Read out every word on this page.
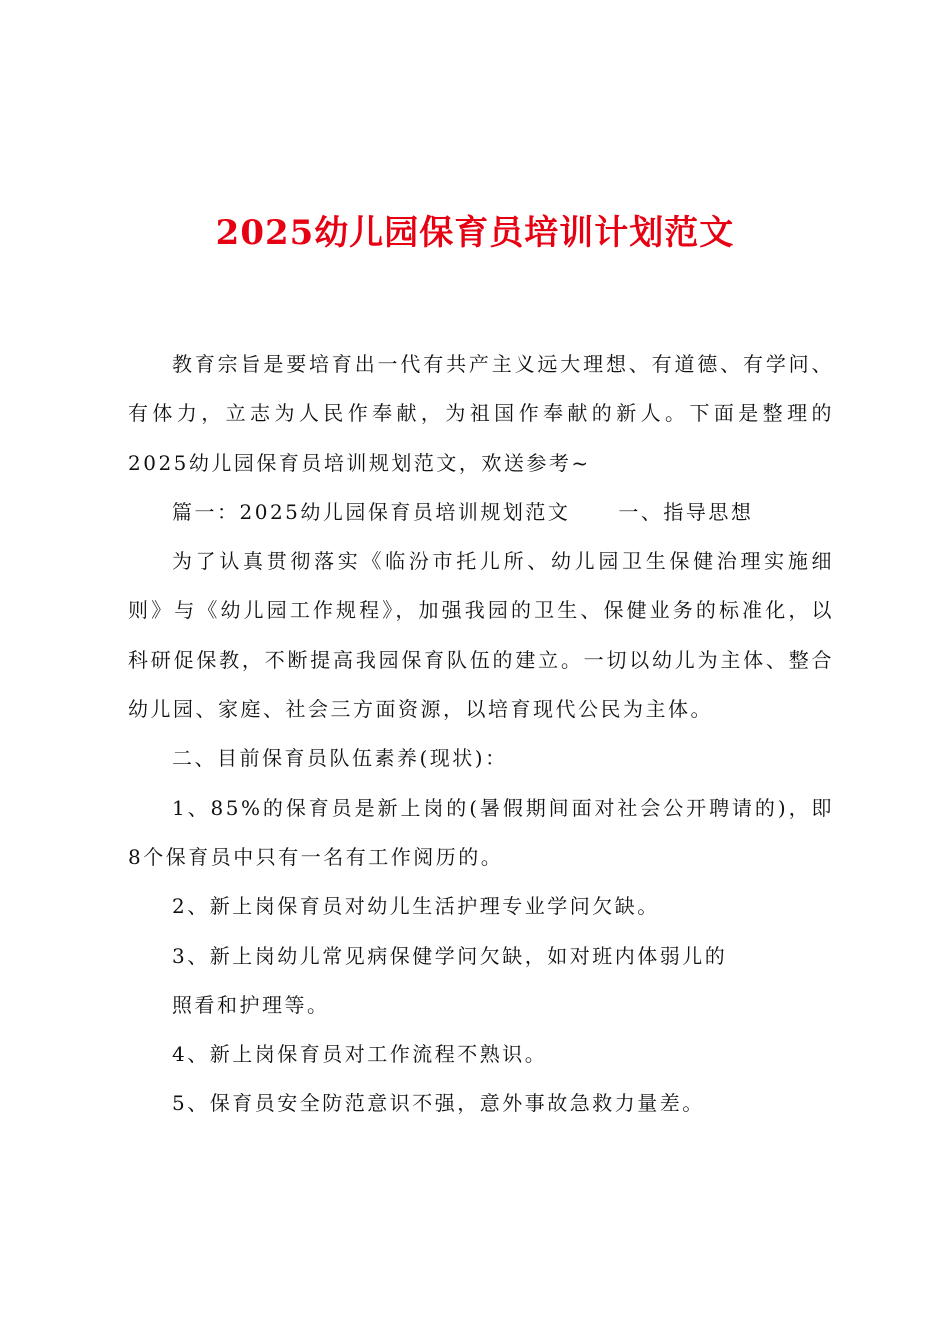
2025幼儿园保育员培训计划范文

教育宗旨是要培育出一代有共产主义远大理想、有道德、有学问、有体力，立志为人民作奉献，为祖国作奉献的新人。下面是整理的2025幼儿园保育员培训规划范文，欢送参考~

篇一：2025幼儿园保育员培训规划范文 一、指导思想

为了认真贯彻落实《临汾市托儿所、幼儿园卫生保健治理实施细则》与《幼儿园工作规程》，加强我园的卫生、保健业务的标准化，以科研促保教，不断提高我园保育队伍的建立。一切以幼儿为主体、整合幼儿园、家庭、社会三方面资源，以培育现代公民为主体。

二、目前保育员队伍素养(现状)：

1、85%的保育员是新上岗的(暑假期间面对社会公开聘请的)，即8个保育员中只有一名有工作阅历的。

2、新上岗保育员对幼儿生活护理专业学问欠缺。

3、新上岗幼儿常见病保健学问欠缺，如对班内体弱儿的

照看和护理等。

4、新上岗保育员对工作流程不熟识。

5、保育员安全防范意识不强，意外事故急救力量差。
